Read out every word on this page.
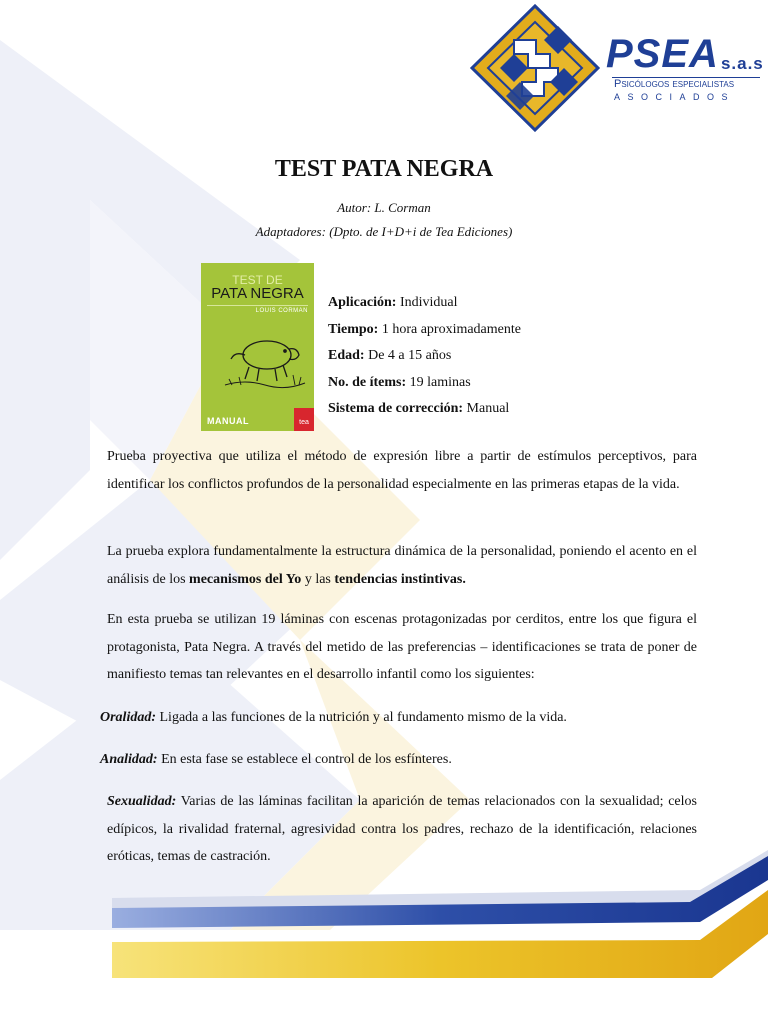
PSEA s.a.s
Psicólogos especialistas
ASOCIADOS
TEST PATA NEGRA
Autor: L. Corman
Adaptadores: (Dpto. de I+D+i de Tea Ediciones)
TEST DE
PATA NEGRA
LOUIS CORMAN
MANUAL	tea
Aplicación: Individual
Tiempo: 1 hora aproximadamente
Edad: De 4 a 15 años
No. de ítems: 19 laminas
Sistema de corrección: Manual

Prueba proyectiva que utiliza el método de expresión libre a partir de estímulos perceptivos, para identificar los conflictos profundos de la personalidad especialmente en las primeras etapas de la vida.

La prueba explora fundamentalmente la estructura dinámica de la personalidad, poniendo el acento en el análisis de los mecanismos del Yo y las tendencias instintivas.

En esta prueba se utilizan 19 láminas con escenas protagonizadas por cerditos, entre los que figura el protagonista, Pata Negra. A través del metido de las preferencias – identificaciones se trata de poner de manifiesto temas tan relevantes en el desarrollo infantil como los siguientes:

Oralidad: Ligada a las funciones de la nutrición y al fundamento mismo de la vida.

Analidad: En esta fase se establece el control de los esfínteres.

Sexualidad: Varias de las láminas facilitan la aparición de temas relacionados con la sexualidad; celos edípicos, la rivalidad fraternal, agresividad contra los padres, rechazo de la identificación, relaciones eróticas, temas de castración.
